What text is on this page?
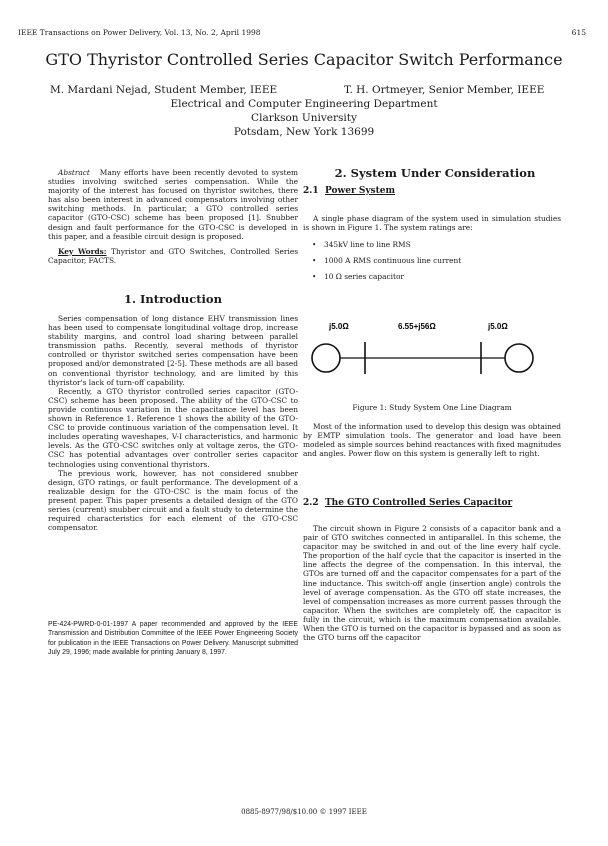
IEEE Transactions on Power Delivery, Vol. 13, No. 2, April 1998	615
GTO Thyristor Controlled Series Capacitor Switch Performance
M. Mardani Nejad, Student Member, IEEE	T. H. Ortmeyer, Senior Member, IEEE
Electrical and Computer Engineering Department
Clarkson University
Potsdam, New York 13699

Abstract Many efforts have been recently devoted to system studies involving switched series compensation. While the majority of the interest has focused on thyristor switches, there has also been interest in advanced compensators involving other switching methods. In particular, a GTO controlled series capacitor (GTO-CSC) scheme has been proposed [1]. Snubber design and fault performance for the GTO-CSC is developed in this paper, and a feasible circuit design is proposed.

Key Words: Thyristor and GTO Switches, Controlled Series Capacitor, FACTS.

1. Introduction

Series compensation of long distance EHV transmission lines has been used to compensate longitudinal voltage drop, increase stability margins, and control load sharing between parallel transmission paths. Recently, several methods of thyristor controlled or thyristor switched series compensation have been proposed and/or demonstrated [2-5]. These methods are all based on conventional thyristor technology, and are limited by this thyristor's lack of turn-off capability.

Recently, a GTO thyristor controlled series capacitor (GTO-CSC) scheme has been proposed. The ability of the GTO-CSC to provide continuous variation in the capacitance level has been shown in Reference 1. Reference 1 shows the ability of the GTO-CSC to provide continuous variation of the compensation level. It includes operating waveshapes, V-I characteristics, and harmonic levels. As the GTO-CSC switches only at voltage zeros, the GTO-CSC has potential advantages over controller series capacitor technologies using conventional thyristors.

The previous work, however, has not considered snubber design, GTO ratings, or fault performance. The development of a realizable design for the GTO-CSC is the main focus of the present paper. This paper presents a detailed design of the GTO series (current) snubber circuit and a fault study to determine the required characteristics for each element of the GTO-CSC compensator.

PE-424-PWRD-0-01-1997 A paper recommended and approved by the IEEE Transmission and Distribution Committee of the IEEE Power Engineering Society for publication in the IEEE Transactions on Power Delivery. Manuscript submitted July 29, 1996; made available for printing January 8, 1997.
2. System Under Consideration
2.1 Power System

A single phase diagram of the system used in simulation studies is shown in Figure 1. The system ratings are:

• 345kV line to line RMS
• 1000 A RMS continuous line current
• 10 Ω series capacitor
j5.0Ω	6.55+j56Ω	j5.0Ω
Figure 1: Study System One Line Diagram

Most of the information used to develop this design was obtained by EMTP simulation tools. The generator and load have been modeled as simple sources behind reactances with fixed magnitudes and angles. Power flow on this system is generally left to right.

2.2 The GTO Controlled Series Capacitor

The circuit shown in Figure 2 consists of a capacitor bank and a pair of GTO switches connected in antiparallel. In this scheme, the capacitor may be switched in and out of the line every half cycle. The proportion of the half cycle that the capacitor is inserted in the line affects the degree of the compensation. In this interval, the GTOs are turned off and the capacitor compensates for a part of the line inductance. This switch-off angle (insertion angle) controls the level of average compensation. As the GTO off state increases, the level of compensation increases as more current passes through the capacitor. When the switches are completely off, the capacitor is fully in the circuit, which is the maximum compensation available. When the GTO is turned on the capacitor is bypassed and as soon as the GTO turns off the capacitor

0885-8977/98/$10.00 © 1997 IEEE
